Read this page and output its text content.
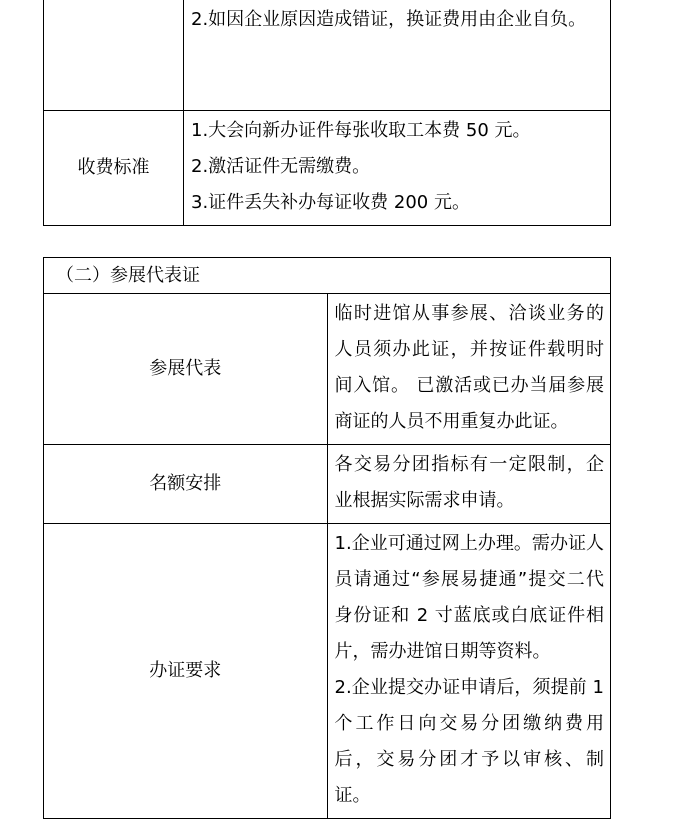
	2.如因企业原因造成错证，换证费用由企业自负。

收费标准	1.大会向新办证件每张收取工本费 50 元。
2.激活证件无需缴费。
3.证件丢失补办每证收费 200 元。
（二）参展代表证	
参展代表	临时进馆从事参展、洽谈业务的人员须办此证，并按证件载明时间入馆。 已激活或已办当届参展商证的人员不用重复办此证。

名额安排	各交易分团指标有一定限制，企业根据实际需求申请。

办证要求	1.企业可通过网上办理。需办证人员请通过“参展易捷通”提交二代身份证和 2 寸蓝底或白底证件相片，需办进馆日期等资料。
2.企业提交办证申请后，须提前 1 个工作日向交易分团缴纳费用后，交易分团才予以审核、制证。
